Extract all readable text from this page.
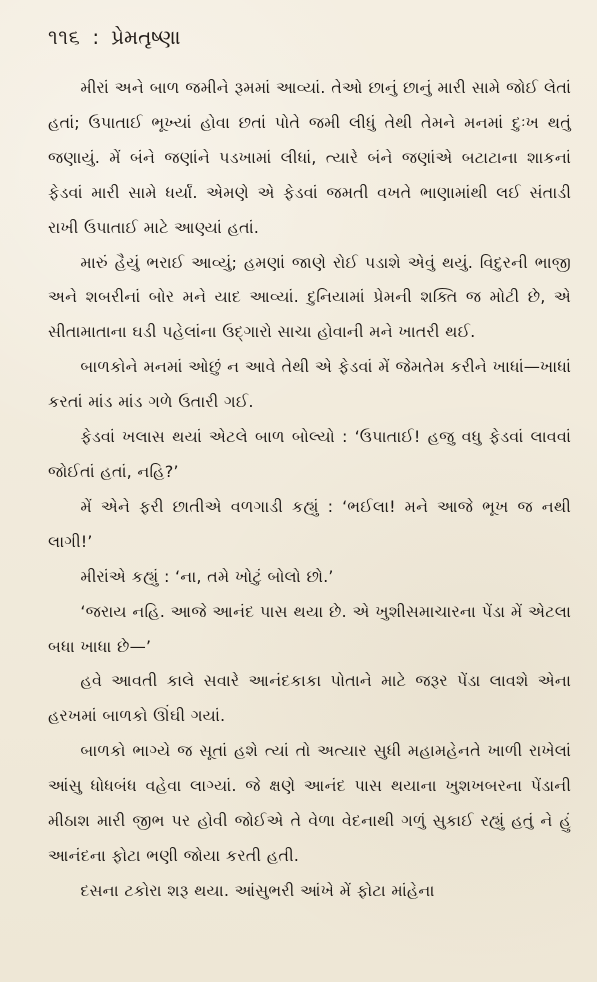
૧૧૬ : પ્રેમતૃષ્ણા

મીરાં અને બાળ જમીને રૂમમાં આવ્યાં. તેઓ છાનું છાનું મારી સામે જોઈ લેતાં હતાં; ઉપાતાઈ ભૂખ્યાં હોવા છતાં પોતે જમી લીધું તેથી તેમને મનમાં દુઃખ થતું જણાયું. મેં બંને જણાંને પડખામાં લીધાં, ત્યારે બંને જણાંએ બટાટાના શાકનાં ફેડવાં મારી સામે ધર્યાં. એમણે એ ફેડવાં જમતી વખતે ભાણામાંથી લઈ સંતાડી રાખી ઉપાતાઈ માટે આણ્યાં હતાં.

મારું હૈયું ભરાઈ આવ્યું; હમણાં જાણે રોઈ પડાશે એવું થયું. વિદુરની ભાજી અને શબરીનાં બોર મને યાદ આવ્યાં. દુનિયામાં પ્રેમની શક્તિ જ મોટી છે, એ સીતામાતાના ઘડી પહેલાંના ઉદ્ગારો સાચા હોવાની મને ખાતરી થઈ.

બાળકોને મનમાં ઓછું ન આવે તેથી એ ફેડવાં મેં જેમતેમ કરીને ખાધાં—ખાધાં કરતાં માંડ માંડ ગળે ઉતારી ગઈ.

ફેડવાં ખલાસ થયાં એટલે બાળ બોલ્યો : ‘ઉપાતાઈ! હજુ વધુ ફેડવાં લાવવાં જોઈતાં હતાં, નહિ?’

મેં એને ફરી છાતીએ વળગાડી કહ્યું : ‘ભઈલા! મને આજે ભૂખ જ નથી લાગી!’

મીરાંએ કહ્યું : ‘ના, તમે ખોટું બોલો છો.’

‘જરાય નહિ. આજે આનંદ પાસ થયા છે. એ ખુશીસમાચારના પેંડા મેં એટલા બધા ખાધા છે—’

હવે આવતી કાલે સવારે આનંદકાકા પોતાને માટે જરૂર પેંડા લાવશે એના હરખમાં બાળકો ઊંઘી ગયાં.

બાળકો ભાગ્યે જ સૂતાં હશે ત્યાં તો અત્યાર સુધી મહામહેનતે ખાળી રાખેલાં આંસુ ધોધબંધ વહેવા લાગ્યાં. જે ક્ષણે આનંદ પાસ થયાના ખુશખબરના પેંડાની મીઠાશ મારી જીભ પર હોવી જોઈએ તે વેળા વેદનાથી ગળું સુકાઈ રહ્યું હતું ને હું આનંદના ફોટા ભણી જોયા કરતી હતી.

દસના ટકોરા શરૂ થયા. આંસુભરી આંખે મેં ફોટા માંહેના
